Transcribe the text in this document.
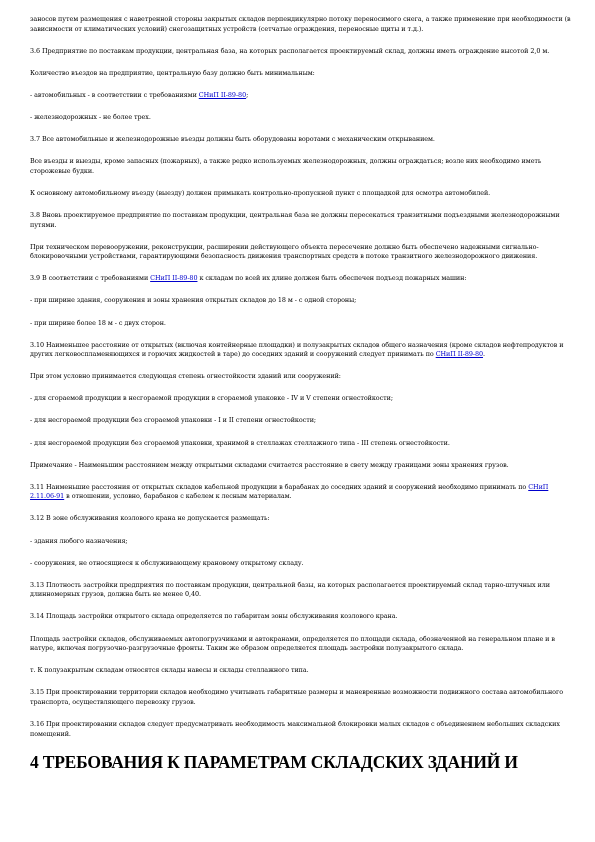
заносов путем размещения с наветренной стороны закрытых складов перпендикулярно потоку переносимого снега, а также применение при необходимости (в зависимости от климатических условий) снегозащитных устройств (сетчатые ограждения, переносные щиты и т.д.).

3.6 Предприятие по поставкам продукции, центральная база, на которых располагается проектируемый склад, должны иметь ограждение высотой 2,0 м.

Количество въездов на предприятие, центральную базу должно быть минимальным:

- автомобильных - в соответствии с требованиями СНиП II-89-80;

- железнодорожных - не более трех.

3.7 Все автомобильные и железнодорожные въезды должны быть оборудованы воротами с механическим открыванием.

Все въезды и выезды, кроме запасных (пожарных), а также редко используемых железнодорожных, должны ограждаться; возле них необходимо иметь сторожевые будки.

К основному автомобильному въезду (выезду) должен примыкать контрольно-пропускной пункт с площадкой для осмотра автомобилей.

3.8 Вновь проектируемое предприятие по поставкам продукции, центральная база не должны пересекаться транзитными подъездными железнодорожными путями.

При техническом перевооружении, реконструкции, расширении действующего объекта пересечение должно быть обеспечено надежными сигнально-блокировочными устройствами, гарантирующими безопасность движения транспортных средств в потоке транзитного железнодорожного движения.

3.9 В соответствии с требованиями СНиП II-89-80 к складам по всей их длине должен быть обеспечен подъезд пожарных машин:

- при ширине здания, сооружения и зоны хранения открытых складов до 18 м - с одной стороны;

- при ширине более 18 м - с двух сторон.

3.10 Наименьшее расстояние от открытых (включая контейнерные площадки) и полузакрытых складов общего назначения (кроме складов нефтепродуктов и других легковоспламеняющихся и горючих жидкостей в таре) до соседних зданий и сооружений следует принимать по СНиП II-89-80.

При этом условно принимается следующая степень огнестойкости зданий или сооружений:

- для сгораемой продукции в несгораемой продукции в сгораемой упаковке - IV и V степени огнестойкости;

- для несгораемой продукции без сгораемой упаковки - I и II степени огнестойкости;

- для несгораемой продукции без сгораемой упаковки, хранимой в стеллажах стеллажного типа - III степень огнестойкости.

Примечание - Наименьшим расстоянием между открытыми складами считается расстояние в свету между границами зоны хранения грузов.

3.11 Наименьшие расстояния от открытых складов кабельной продукции в барабанах до соседних зданий и сооружений необходимо принимать по СНиП 2.11.06-91 в отношении, условно, барабанов с кабелем к лесным материалам.

3.12 В зоне обслуживания козлового крана не допускается размещать:

- здания любого назначения;

- сооружения, не относящиеся к обслуживающему крановому открытому складу.

3.13 Плотность застройки предприятия по поставкам продукции, центральной базы, на которых располагается проектируемый склад тарно-штучных или длинномерных грузов, должна быть не менее 0,40.

3.14 Площадь застройки открытого склада определяется по габаритам зоны обслуживания козлового крана.

Площадь застройки складов, обслуживаемых автопогрузчиками и автокранами, определяется по площади склада, обозначенной на генеральном плане и в натуре, включая погрузочно-разгрузочные фронты. Таким же образом определяется площадь застройки полузакрытого склада.

т. К полузакрытым складам относятся склады навесы и склады стеллажного типа.

3.15 При проектировании территории складов необходимо учитывать габаритные размеры и маневренные возможности подвижного состава автомобильного транспорта, осуществляющего перевозку грузов.

3.16 При проектировании складов следует предусматривать необходимость максимальной блокировки малых складов с объединением небольших складских помещений.

4 ТРЕБОВАНИЯ К ПАРАМЕТРАМ СКЛАДСКИХ ЗДАНИЙ И
